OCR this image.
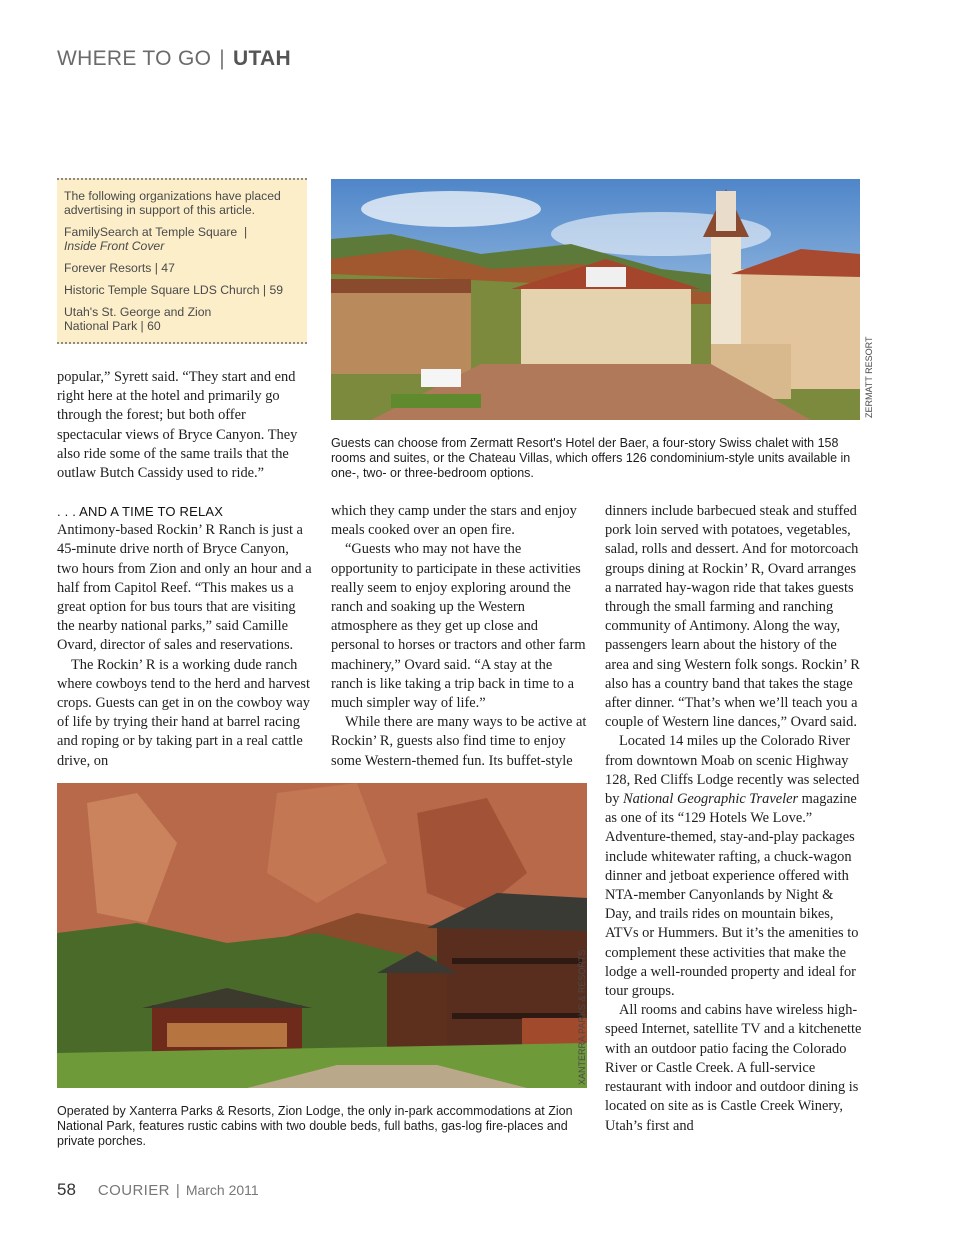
WHERE TO GO | UTAH

The following organizations have placed advertising in support of this article.

FamilySearch at Temple Square |
Inside Front Cover

Forever Resorts | 47

Historic Temple Square LDS Church | 59

Utah's St. George and Zion
National Park | 60

ZERMATT RESORT
Guests can choose from Zermatt Resort's Hotel der Baer, a four-story Swiss chalet with 158 rooms and suites, or the Chateau Villas, which offers 126 condominium-style units available in one-, two- or three-bedroom options.

popular,” Syrett said. “They start and end right here at the hotel and primarily go through the forest; but both offer spectacular views of Bryce Canyon. They also ride some of the same trails that the outlaw Butch Cassidy used to ride.”

. . . AND A TIME TO RELAX

Antimony-based Rockin’ R Ranch is just a 45-minute drive north of Bryce Canyon, two hours from Zion and only an hour and a half from Capitol Reef. “This makes us a great option for bus tours that are visiting the nearby national parks,” said Camille Ovard, director of sales and reservations.

The Rockin’ R is a working dude ranch where cowboys tend to the herd and harvest crops. Guests can get in on the cowboy way of life by trying their hand at barrel racing and roping or by taking part in a real cattle drive, on

which they camp under the stars and enjoy meals cooked over an open fire.

“Guests who may not have the opportunity to participate in these activities really seem to enjoy exploring around the ranch and soaking up the Western atmosphere as they get up close and personal to horses or tractors and other farm machinery,” Ovard said. “A stay at the ranch is like taking a trip back in time to a much simpler way of life.”

While there are many ways to be active at Rockin’ R, guests also find time to enjoy some Western-themed fun. Its buffet-style

dinners include barbecued steak and stuffed pork loin served with potatoes, vegetables, salad, rolls and dessert. And for motorcoach groups dining at Rockin’ R, Ovard arranges a narrated hay-wagon ride that takes guests through the small farming and ranching community of Antimony. Along the way, passengers learn about the history of the area and sing Western folk songs. Rockin’ R also has a country band that takes the stage after dinner. “That’s when we’ll teach you a couple of Western line dances,” Ovard said.

Located 14 miles up the Colorado River from downtown Moab on scenic Highway 128, Red Cliffs Lodge recently was selected by National Geographic Traveler magazine as one of its “129 Hotels We Love.” Adventure-themed, stay-and-play packages include whitewater rafting, a chuck-wagon dinner and jetboat experience offered with NTA-member Canyonlands by Night & Day, and trails rides on mountain bikes, ATVs or Hummers. But it’s the amenities to complement these activities that make the lodge a well-rounded property and ideal for tour groups.

All rooms and cabins have wireless high-speed Internet, satellite TV and a kitchenette with an outdoor patio facing the Colorado River or Castle Creek. A full-service restaurant with indoor and outdoor dining is located on site as is Castle Creek Winery, Utah’s first and

XANTERRA PARKS & RESORTS
Operated by Xanterra Parks & Resorts, Zion Lodge, the only in-park accommodations at Zion National Park, features rustic cabins with two double beds, full baths, gas-log fire-places and private porches.
58 COURIER | March 2011
